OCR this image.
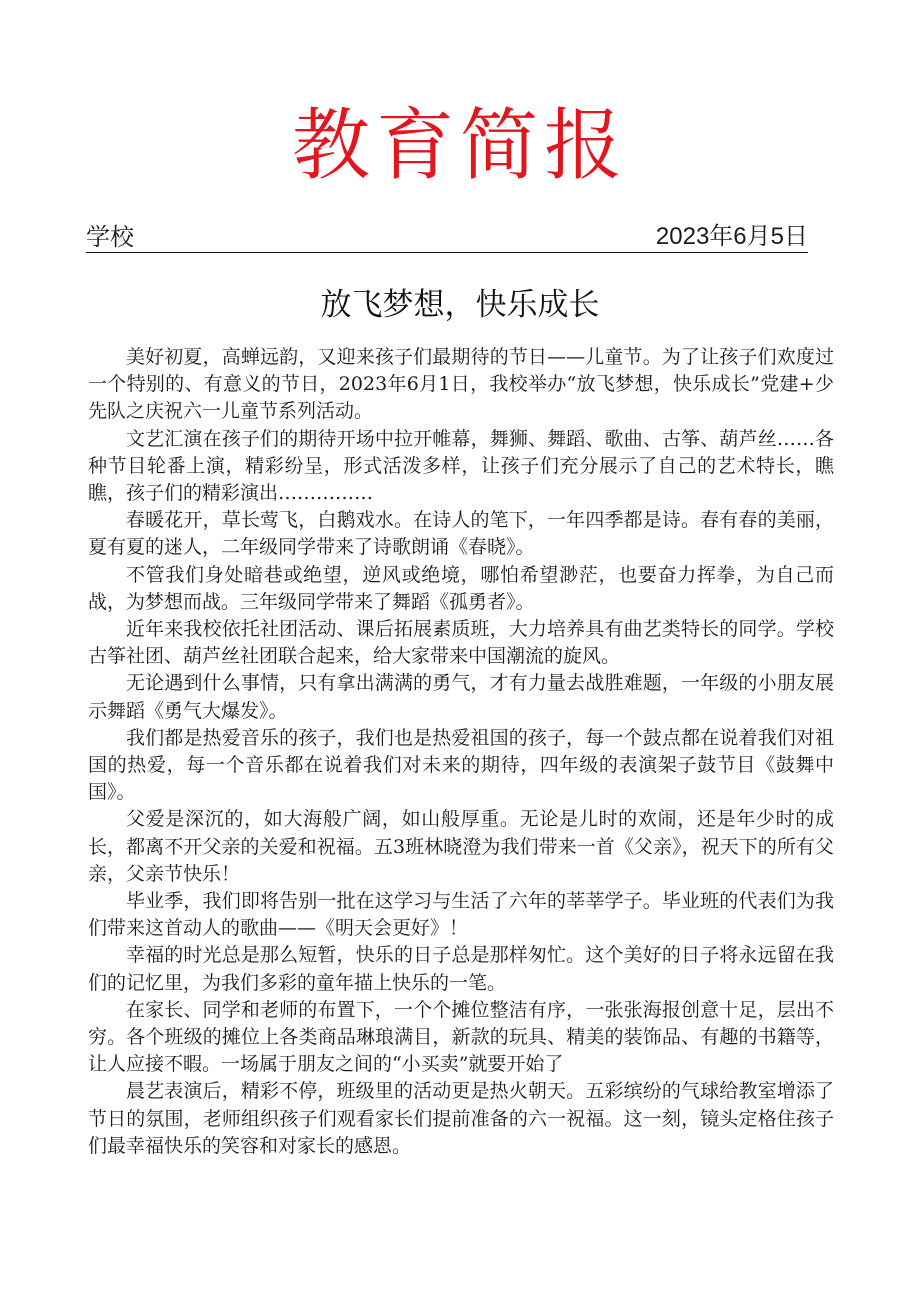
教育简报
学校	2023年6月5日
放飞梦想，快乐成长

美好初夏，高蝉远韵，又迎来孩子们最期待的节日——儿童节。为了让孩子们欢度过一个特别的、有意义的节日，2023年6月1日，我校举办“放飞梦想，快乐成长”党建+少先队之庆祝六一儿童节系列活动。

文艺汇演在孩子们的期待开场中拉开帷幕，舞狮、舞蹈、歌曲、古筝、葫芦丝……各种节目轮番上演，精彩纷呈，形式活泼多样，让孩子们充分展示了自己的艺术特长，瞧瞧，孩子们的精彩演出……………

春暖花开，草长莺飞，白鹅戏水。在诗人的笔下，一年四季都是诗。春有春的美丽，夏有夏的迷人，二年级同学带来了诗歌朗诵《春晓》。

不管我们身处暗巷或绝望，逆风或绝境，哪怕希望渺茫，也要奋力挥拳，为自己而战，为梦想而战。三年级同学带来了舞蹈《孤勇者》。

近年来我校依托社团活动、课后拓展素质班，大力培养具有曲艺类特长的同学。学校古筝社团、葫芦丝社团联合起来，给大家带来中国潮流的旋风。

无论遇到什么事情，只有拿出满满的勇气，才有力量去战胜难题，一年级的小朋友展示舞蹈《勇气大爆发》。

我们都是热爱音乐的孩子，我们也是热爱祖国的孩子，每一个鼓点都在说着我们对祖国的热爱，每一个音乐都在说着我们对未来的期待，四年级的表演架子鼓节目《鼓舞中国》。

父爱是深沉的，如大海般广阔，如山般厚重。无论是儿时的欢闹，还是年少时的成长，都离不开父亲的关爱和祝福。五3班林晓澄为我们带来一首《父亲》，祝天下的所有父亲，父亲节快乐！

毕业季，我们即将告别一批在这学习与生活了六年的莘莘学子。毕业班的代表们为我们带来这首动人的歌曲——《明天会更好》！

幸福的时光总是那么短暂，快乐的日子总是那样匆忙。这个美好的日子将永远留在我们的记忆里，为我们多彩的童年描上快乐的一笔。

在家长、同学和老师的布置下，一个个摊位整洁有序，一张张海报创意十足，层出不穷。各个班级的摊位上各类商品琳琅满目，新款的玩具、精美的装饰品、有趣的书籍等，让人应接不暇。一场属于朋友之间的“小买卖”就要开始了

晨艺表演后，精彩不停，班级里的活动更是热火朝天。五彩缤纷的气球给教室增添了节日的氛围，老师组织孩子们观看家长们提前准备的六一祝福。这一刻，镜头定格住孩子们最幸福快乐的笑容和对家长的感恩。
